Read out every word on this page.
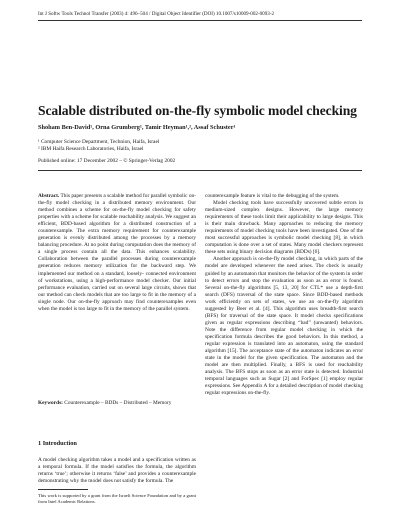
Int J Softw Tools Technol Transfer (2003) 4: 496–504 / Digital Object Identifier (DOI) 10.1007/s10009-002-0093-2
Scalable distributed on-the-fly symbolic model checking
Shoham Ben-David¹, Orna Grumberg¹, Tamir Heyman¹,², Assaf Schuster¹
¹ Computer Science Department, Technion, Haifa, Israel
² IBM Haifa Research Laboratories, Haifa, Israel
Published online: 17 December 2002 – © Springer-Verlag 2002

Abstract. This paper presents a scalable method for parallel symbolic on-the-fly model checking in a distributed memory environment. Our method combines a scheme for on-the-fly model checking for safety properties with a scheme for scalable reachability analysis. We suggest an efficient, BDD-based algorithm for a distributed construction of a counterexample. The extra memory requirement for counterexample generation is evenly distributed among the processes by a memory balancing procedure. At no point during computation does the memory of a single process contain all the data. This enhances scalability. Collaboration between the parallel processes during counterexample generation reduces memory utilization for the backward step. We implemented our method on a standard, loosely- connected environment of workstations, using a high-performance model checker. Our initial performance evaluation, carried out on several large circuits, shows that our method can check models that are too large to fit in the memory of a single node. Our on-the-fly approach may find counterexamples even when the model is too large to fit in the memory of the parallel system.

Keywords: Counterexample – BDDs – Distributed – Memory
1 Introduction

A model checking algorithm takes a model and a specification written as a temporal formula. If the model satisfies the formula, the algorithm returns ‘true’; otherwise it returns ‘false’ and provides a counterexample demonstrating why the model does not satisfy the formula. The

This work is supported by a grant from the Israeli Science Foundation and by a grant from Intel Academic Relations.

counterexample feature is vital to the debugging of the system.

Model checking tools have successfully uncovered subtle errors in medium-sized complex designs. However, the large memory requirements of these tools limit their applicability to large designs. This is their main drawback. Many approaches to reducing the memory requirements of model checking tools have been investigated. One of the most successful approaches is symbolic model checking [8], in which computation is done over a set of states. Many model checkers represent these sets using binary decision diagrams (BDDs) [6].

Another approach is on-the-fly model checking, in which parts of the model are developed whenever the need arises. The check is usually guided by an automaton that monitors the behavior of the system in order to detect errors and stop the evaluation as soon as an error is found. Several on-the-fly algorithms [5, 13, 20] for CTL* use a depth-first search (DFS) traversal of the state space. Since BDD-based methods work efficiently on sets of states, we use an on-the-fly algorithm suggested by Beer et al. [4]. This algorithm uses breadth-first search (BFS) for traversal of the state space. It model checks specifications given as regular expressions describing “bad” (unwanted) behaviors. Note the difference from regular model checking in which the specification formula describes the good behaviors. In this method, a regular expression is translated into an automaton, using the standard algorithm [15]. The acceptance state of the automaton indicates an error state in the model for the given specification. The automaton and the model are then multiplied. Finally, a BFS is used for reachability analysis. The BFS stops as soon as an error state is detected. Industrial temporal languages such as Sugar [2] and ForSpec [1] employ regular expressions. See Appendix A for a detailed description of model checking regular expressions on-the-fly.
